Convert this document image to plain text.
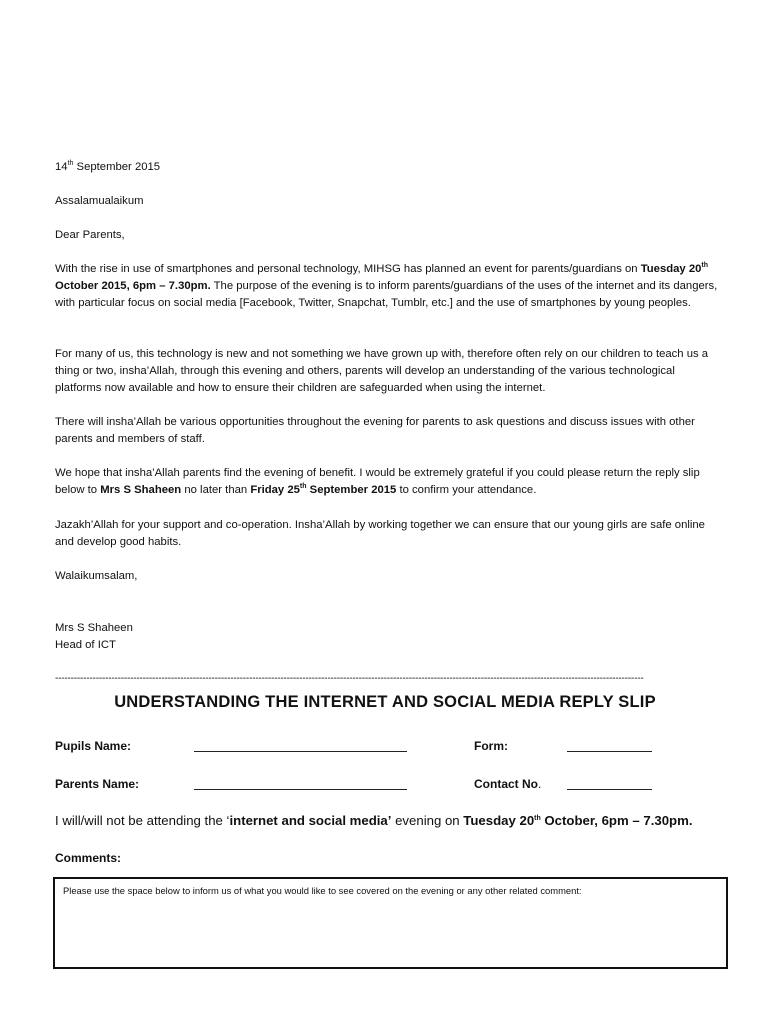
14th September 2015

Assalamualaikum

Dear Parents,

With the rise in use of smartphones and personal technology, MIHSG has planned an event for parents/guardians on Tuesday 20th October 2015, 6pm – 7.30pm. The purpose of the evening is to inform parents/guardians of the uses of the internet and its dangers, with particular focus on social media [Facebook, Twitter, Snapchat, Tumblr, etc.] and the use of smartphones by young peoples.

For many of us, this technology is new and not something we have grown up with, therefore often rely on our children to teach us a thing or two, insha’Allah, through this evening and others, parents will develop an understanding of the various technological platforms now available and how to ensure their children are safeguarded when using the internet.

There will insha’Allah be various opportunities throughout the evening for parents to ask questions and discuss issues with other parents and members of staff.

We hope that insha’Allah parents find the evening of benefit. I would be extremely grateful if you could please return the reply slip below to Mrs S Shaheen no later than Friday 25th September 2015 to confirm your attendance.

Jazakh’Allah for your support and co-operation. Insha’Allah by working together we can ensure that our young girls are safe online and develop good habits.

Walaikumsalam,

Mrs S Shaheen

Head of ICT

--------------------------------------------------------------------------------------------------------------------------------------------------------------------------------------------
UNDERSTANDING THE INTERNET AND SOCIAL MEDIA REPLY SLIP
Pupils Name:	Form:
Parents Name:	Contact No.
I will/will not be attending the ‘internet and social media’ evening on Tuesday 20th October, 6pm – 7.30pm.
Comments:
Please use the space below to inform us of what you would like to see covered on the evening or any other related comment:
